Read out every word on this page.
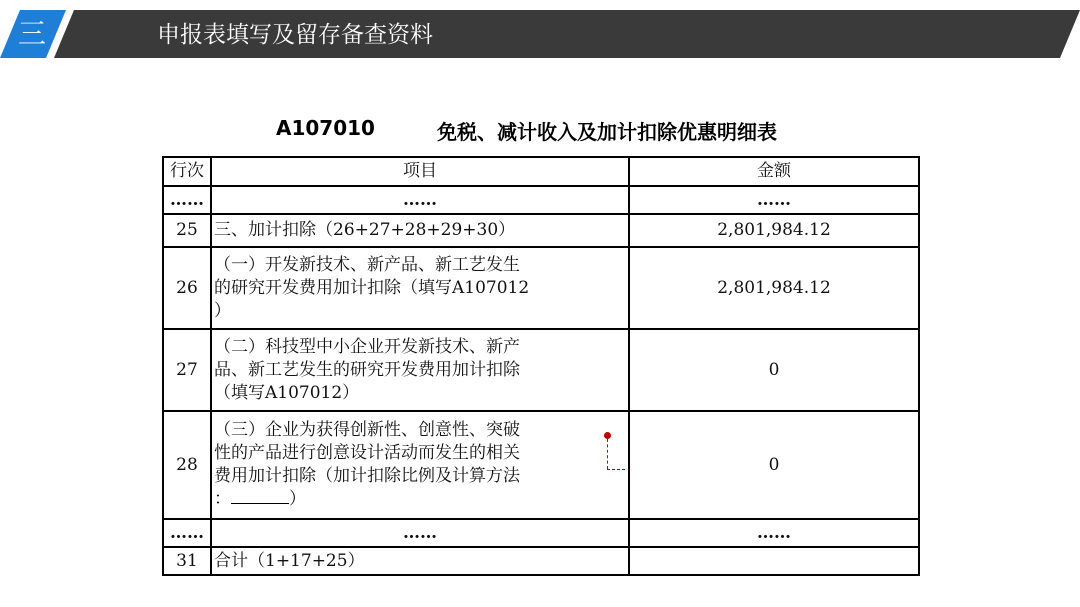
三	申报表填写及留存备查资料
A107010	免税、减计收入及加计扣除优惠明细表
行次	项目	金额
……	……	……
25	三、加计扣除（26+27+28+29+30）	2,801,984.12
26	（一）开发新技术、新产品、新工艺发生
的研究开发费用加计扣除（填写A107012
）	2,801,984.12
27	（二）科技型中小企业开发新技术、新产
品、新工艺发生的研究开发费用加计扣除
（填写A107012）	0
28	（三）企业为获得创新性、创意性、突破
性的产品进行创意设计活动而发生的相关
费用加计扣除（加计扣除比例及计算方法
： ）	0
……	……	……
31	合计（1+17+25）	
